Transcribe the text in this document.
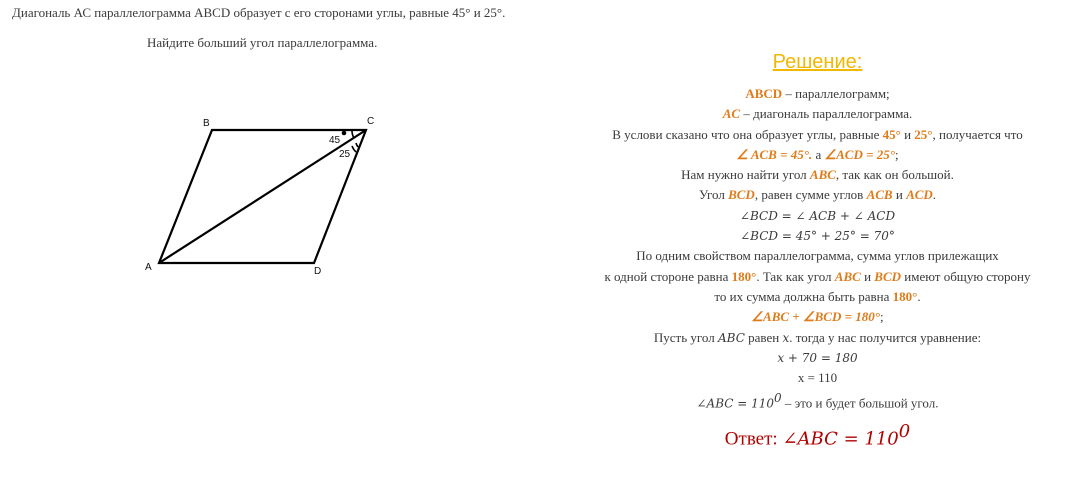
Диагональ АС параллелограмма ABCD образует с его сторонами углы, равные 45° и 25°.
Найдите больший угол параллелограмма.
B	C
A	D
45
25
Решение:
ABCD – параллелограмм;
AC – диагональ параллелограмма.
В услови сказано что она образует углы, равные 45° и 25°, получается что
∠ ACB = 45°. а ∠ACD = 25°;
Нам нужно найти угол ABC, так как он большой.
Угол BCD, равен сумме углов ACB и ACD.
∠BCD = ∠ ACB + ∠ ACD
∠BCD = 45° + 25° = 70°
По одним свойством параллелограмма, сумма углов прилежащих
к одной стороне равна 180°. Так как угол ABC и BCD имеют общую сторону
то их сумма должна быть равна 180°.
∠ABC + ∠BCD = 180°;
Пусть угол ABC равен x. тогда у нас получится уравнение:
x + 70 = 180
x = 110
∠ABC = $110^0$ – это и будет большой угол.
Ответ: ∠ABC = $110^0$
